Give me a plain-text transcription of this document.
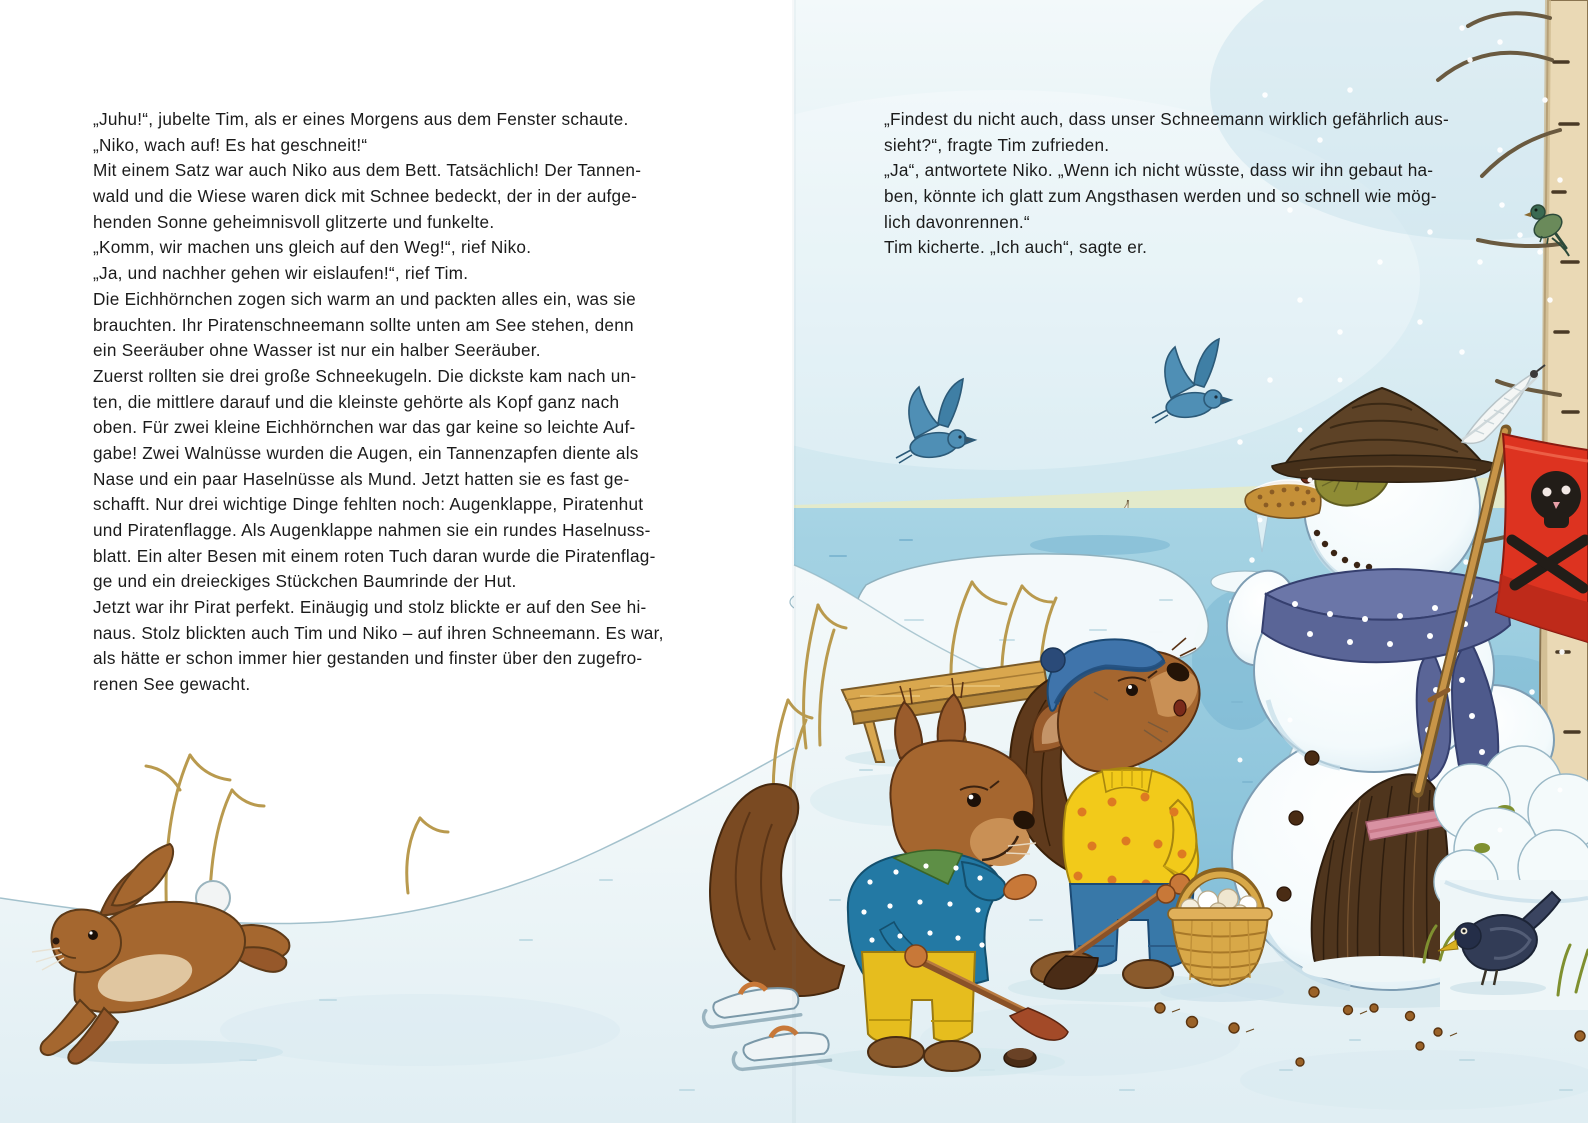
„Juhu!“, jubelte Tim, als er eines Morgens aus dem Fenster schaute.
„Niko, wach auf! Es hat geschneit!“
Mit einem Satz war auch Niko aus dem Bett. Tatsächlich! Der Tannen-
wald und die Wiese waren dick mit Schnee bedeckt, der in der aufge-
henden Sonne geheimnisvoll glitzerte und funkelte.
„Komm, wir machen uns gleich auf den Weg!“, rief Niko.
„Ja, und nachher gehen wir eislaufen!“, rief Tim.
Die Eichhörnchen zogen sich warm an und packten alles ein, was sie
brauchten. Ihr Piratenschneemann sollte unten am See stehen, denn
ein Seeräuber ohne Wasser ist nur ein halber Seeräuber.
Zuerst rollten sie drei große Schneekugeln. Die dickste kam nach un-
ten, die mittlere darauf und die kleinste gehörte als Kopf ganz nach
oben. Für zwei kleine Eichhörnchen war das gar keine so leichte Auf-
gabe! Zwei Walnüsse wurden die Augen, ein Tannenzapfen diente als
Nase und ein paar Haselnüsse als Mund. Jetzt hatten sie es fast ge-
schafft. Nur drei wichtige Dinge fehlten noch: Augenklappe, Piratenhut
und Piratenflagge. Als Augenklappe nahmen sie ein rundes Haselnuss-
blatt. Ein alter Besen mit einem roten Tuch daran wurde die Piratenflag-
ge und ein dreieckiges Stückchen Baumrinde der Hut.
Jetzt war ihr Pirat perfekt. Einäugig und stolz blickte er auf den See hi-
naus. Stolz blickten auch Tim und Niko – auf ihren Schneemann. Es war,
als hätte er schon immer hier gestanden und finster über den zugefro-
renen See gewacht.
„Findest du nicht auch, dass unser Schneemann wirklich gefährlich aus-
sieht?“, fragte Tim zufrieden.
„Ja“, antwortete Niko. „Wenn ich nicht wüsste, dass wir ihn gebaut ha-
ben, könnte ich glatt zum Angsthasen werden und so schnell wie mög-
lich davonrennen.“
Tim kicherte. „Ich auch“, sagte er.
